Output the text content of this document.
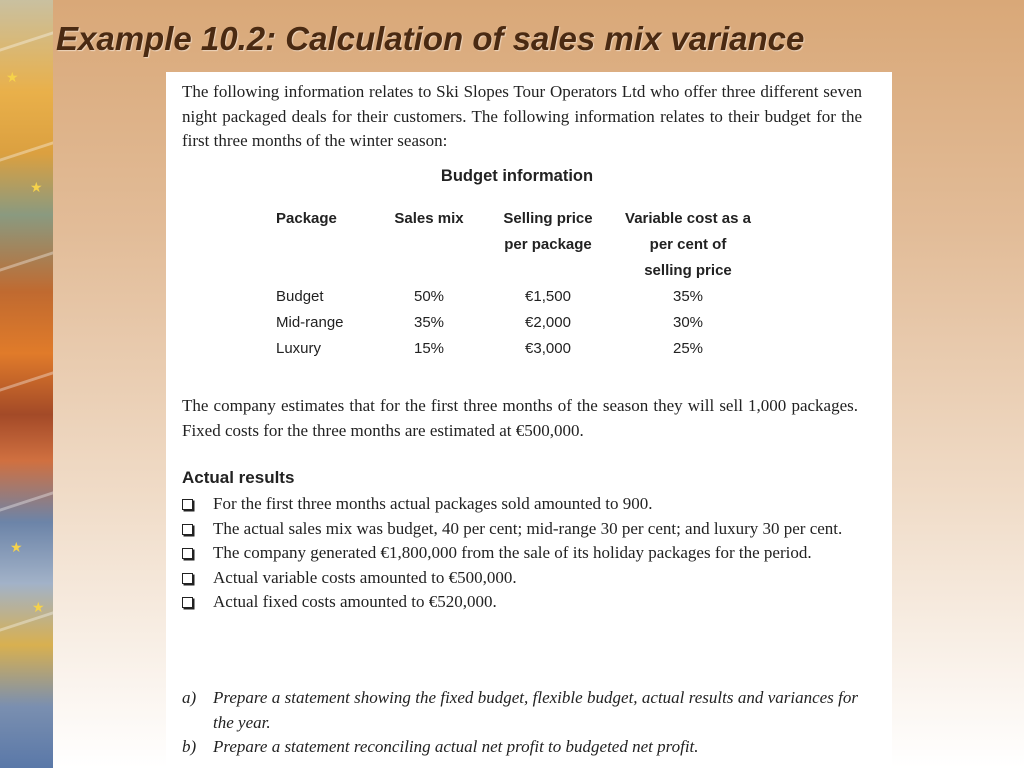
★
★
★
★
Example 10.2: Calculation of sales mix variance

The following information relates to Ski Slopes Tour Operators Ltd who offer three different seven night packaged deals for their customers. The following information relates to their budget for the first three months of the winter season:

Budget information
Package	Sales mix	Selling price per package	Variable cost as a per cent of selling price
Budget	50%	€1,500	35%
Mid-range	35%	€2,000	30%
Luxury	15%	€3,000	25%

The company estimates that for the first three months of the season they will sell 1,000 packages. Fixed costs for the three months are estimated at €500,000.

Actual results
For the first three months actual packages sold amounted to 900.
The actual sales mix was budget, 40 per cent; mid-range 30 per cent; and luxury 30 per cent.
The company generated €1,800,000 from the sale of its holiday packages for the period.
Actual variable costs amounted to €500,000.
Actual fixed costs amounted to €520,000.
a) Prepare a statement showing the fixed budget, flexible budget, actual results and variances for the year.
b) Prepare a statement reconciling actual net profit to budgeted net profit.
